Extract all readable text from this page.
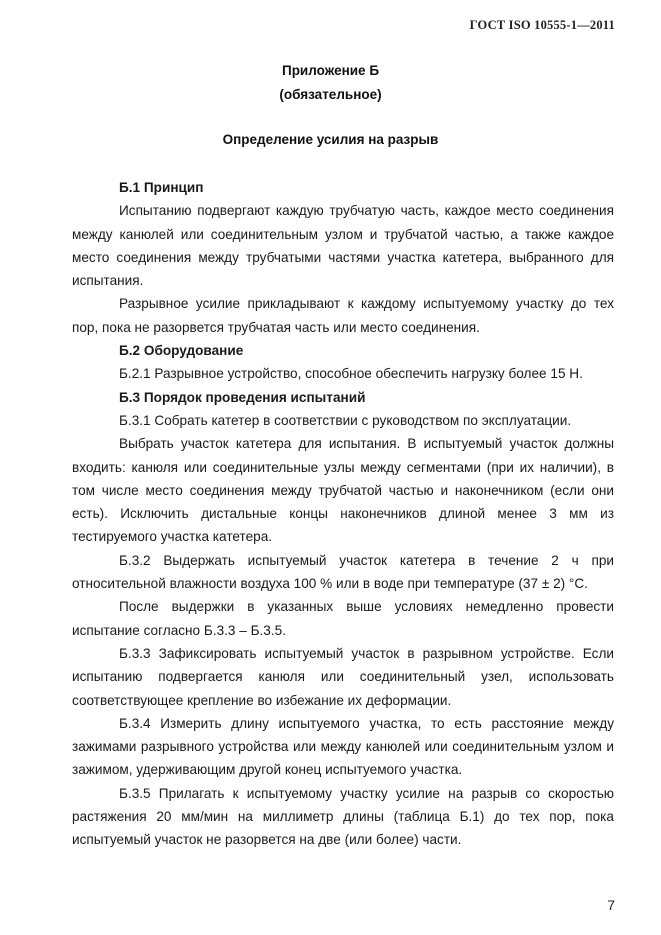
ГОСТ ISO 10555-1—2011
Приложение Б
(обязательное)
Определение усилия на разрыв

Б.1 Принцип

Испытанию подвергают каждую трубчатую часть, каждое место соединения между канюлей или соединительным узлом и трубчатой частью, а также каждое место соединения между трубчатыми частями участка катетера, выбранного для испытания.

Разрывное усилие прикладывают к каждому испытуемому участку до тех пор, пока не разорвется трубчатая часть или место соединения.

Б.2 Оборудование

Б.2.1 Разрывное устройство, способное обеспечить нагрузку более 15 Н.

Б.3 Порядок проведения испытаний

Б.3.1 Собрать катетер в соответствии с руководством по эксплуатации.

Выбрать участок катетера для испытания. В испытуемый участок должны входить: канюля или соединительные узлы между сегментами (при их наличии), в том числе место соединения между трубчатой частью и наконечником (если они есть). Исключить дистальные концы наконечников длиной менее 3 мм из тестируемого участка катетера.

Б.3.2 Выдержать испытуемый участок катетера в течение 2 ч при относительной влажности воздуха 100 % или в воде при температуре (37 ± 2) °С.

После выдержки в указанных выше условиях немедленно провести испытание согласно Б.3.3 – Б.3.5.

Б.3.3 Зафиксировать испытуемый участок в разрывном устройстве. Если испытанию подвергается канюля или соединительный узел, использовать соответствующее крепление во избежание их деформации.

Б.3.4 Измерить длину испытуемого участка, то есть расстояние между зажимами разрывного устройства или между канюлей или соединительным узлом и зажимом, удерживающим другой конец испытуемого участка.

Б.3.5 Прилагать к испытуемому участку усилие на разрыв со скоростью растяжения 20 мм/мин на миллиметр длины (таблица Б.1) до тех пор, пока испытуемый участок не разорвется на две (или более) части.

7
